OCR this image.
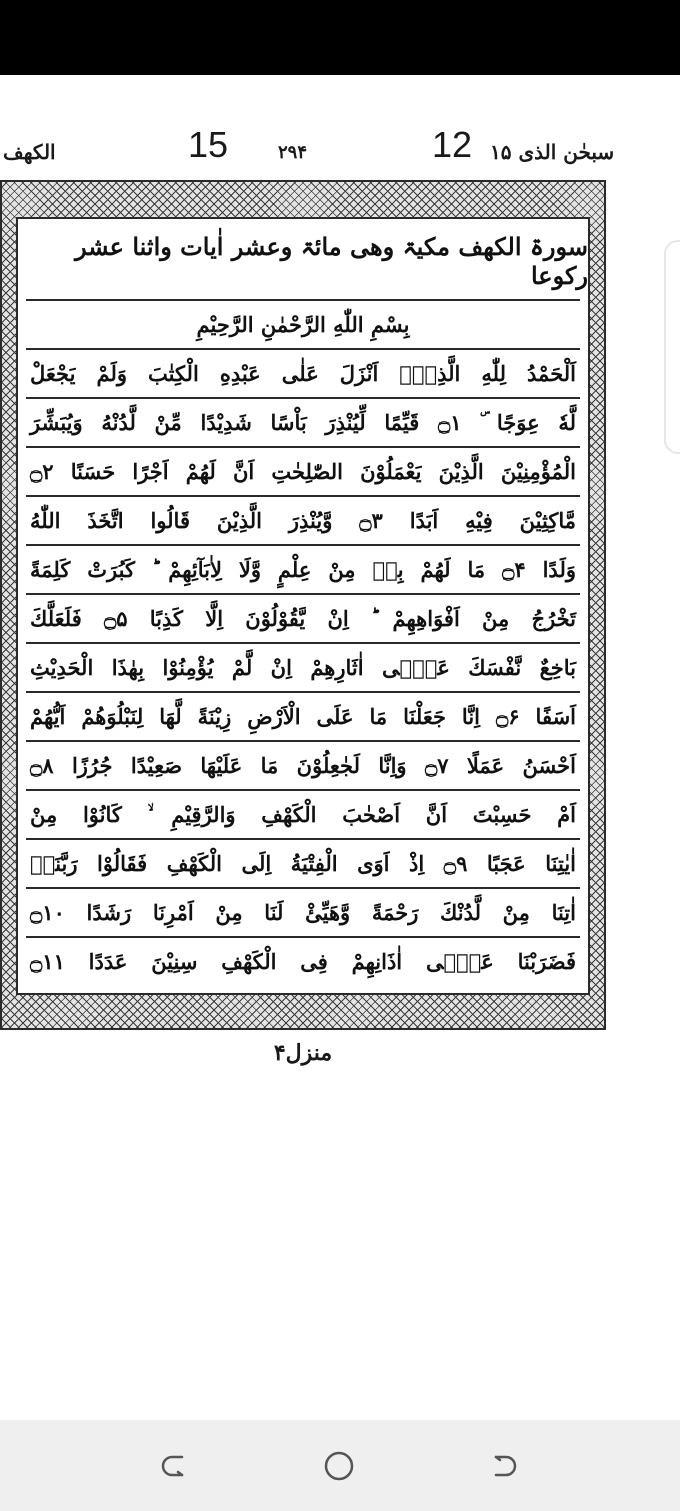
الکھف	15	۲۹۴	12 سبحٰن الذی ۱۵
سورۃ الکھف مکیۃ وھی مائۃ وعشر اٰیات واثنا عشر رکوعا
بِسْمِ اللّٰهِ الرَّحْمٰنِ الرَّحِيْمِ
اَلْحَمْدُ لِلّٰهِ الَّذِيْۤ اَنْزَلَ عَلٰى عَبْدِهِ الْكِتٰبَ وَلَمْ يَجْعَلْ
لَّهٗ عِوَجًا ۜ ۝۱ قَيِّمًا لِّيُنْذِرَ بَاْسًا شَدِيْدًا مِّنْ لَّدُنْهُ وَيُبَشِّرَ
الْمُؤْمِنِيْنَ الَّذِيْنَ يَعْمَلُوْنَ الصّٰلِحٰتِ اَنَّ لَهُمْ اَجْرًا حَسَنًا ۝۲
مَّاكِثِيْنَ فِيْهِ اَبَدًا ۝۳ وَّيُنْذِرَ الَّذِيْنَ قَالُوا اتَّخَذَ اللّٰهُ
وَلَدًا ۝۴ مَا لَهُمْ بِهٖ مِنْ عِلْمٍ وَّلَا لِاٰبَآئِهِمْ ؕ كَبُرَتْ كَلِمَةً
تَخْرُجُ مِنْ اَفْوَاهِهِمْ ؕ اِنْ يَّقُوْلُوْنَ اِلَّا كَذِبًا ۝۵ فَلَعَلَّكَ
بَاخِعٌ نَّفْسَكَ عَلٰۤى اٰثَارِهِمْ اِنْ لَّمْ يُؤْمِنُوْا بِهٰذَا الْحَدِيْثِ
اَسَفًا ۝۶ اِنَّا جَعَلْنَا مَا عَلَى الْاَرْضِ زِيْنَةً لَّهَا لِنَبْلُوَهُمْ اَيُّهُمْ
اَحْسَنُ عَمَلًا ۝۷ وَاِنَّا لَجٰعِلُوْنَ مَا عَلَيْهَا صَعِيْدًا جُرُزًا ۝۸
اَمْ حَسِبْتَ اَنَّ اَصْحٰبَ الْكَهْفِ وَالرَّقِيْمِ ۙ كَانُوْا مِنْ
اٰيٰتِنَا عَجَبًا ۝۹ اِذْ اَوَى الْفِتْيَةُ اِلَى الْكَهْفِ فَقَالُوْا رَبَّنَاۤ
اٰتِنَا مِنْ لَّدُنْكَ رَحْمَةً وَّهَيِّئْ لَنَا مِنْ اَمْرِنَا رَشَدًا ۝۱۰
فَضَرَبْنَا عَلٰۤى اٰذَانِهِمْ فِى الْكَهْفِ سِنِيْنَ عَدَدًا ۝۱۱
منزل۴
